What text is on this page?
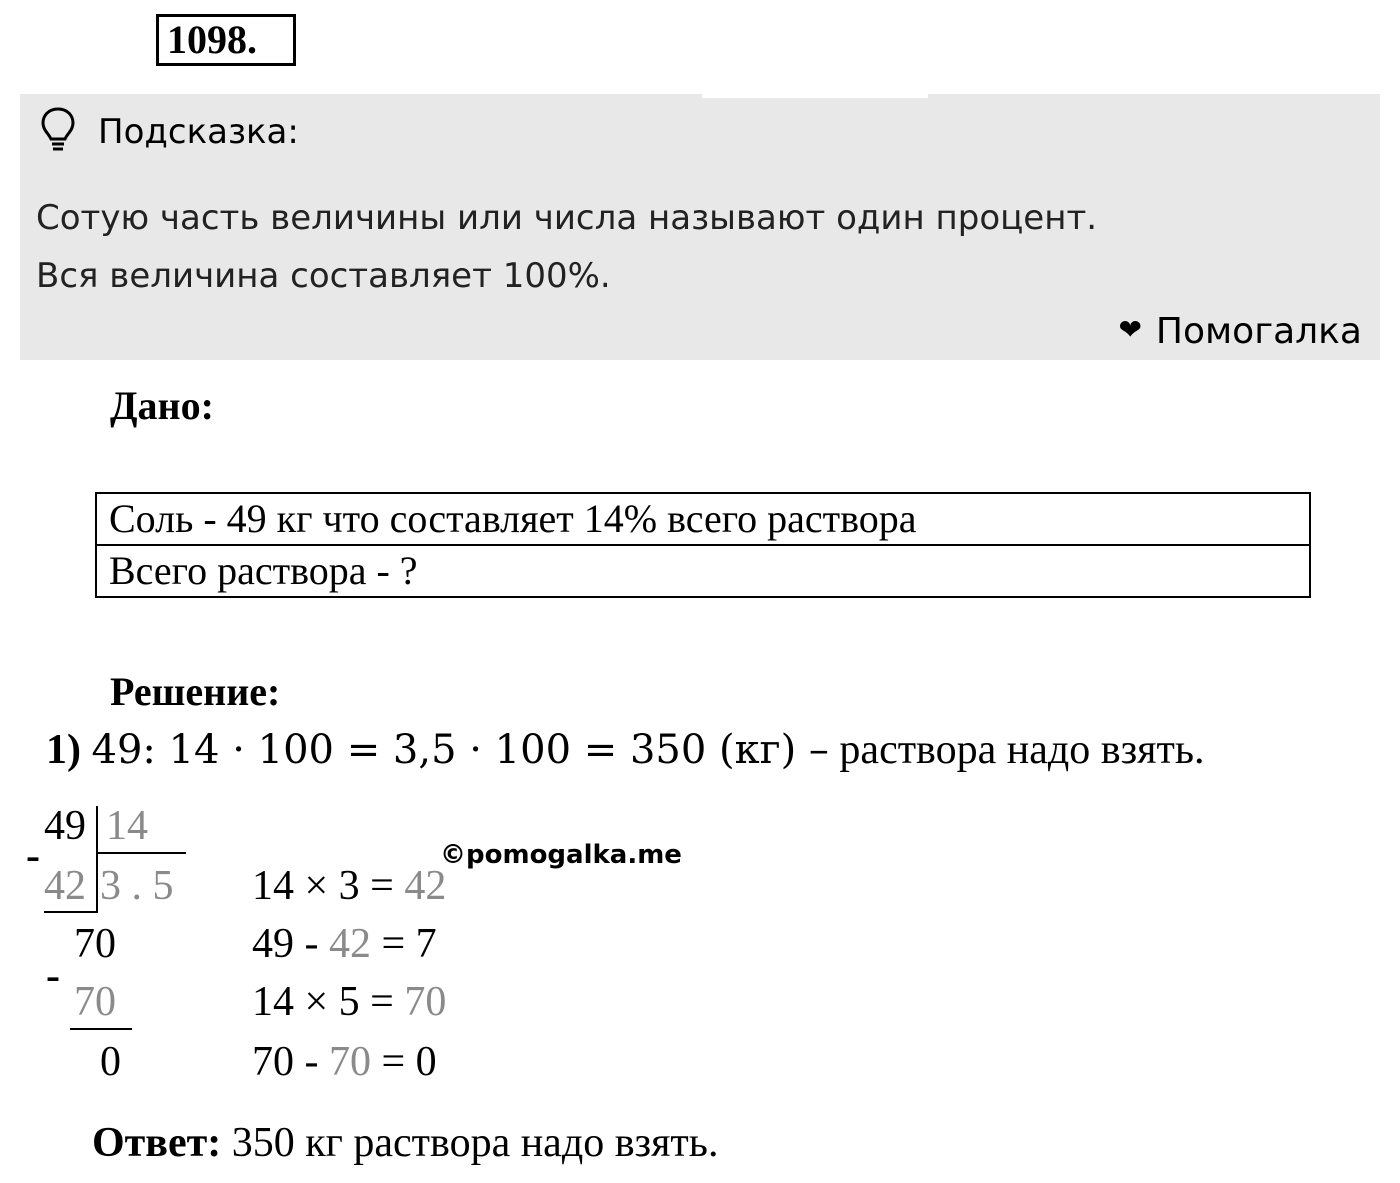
1098.
Подсказка:
Сотую часть величины или числа называют один процент.
Вся величина составляет 100%.
❤ Помогалка
Дано:
Соль - 49 кг что составляет 14% всего раствора
Всего раствора - ?
Решение:
1) 49: 14 · 100 = 3,5 · 100 = 350 (кг) – раствора надо взять.
49 14
-
42 3 . 5
70
-
70
0
©pomogalka.me
14 × 3 = 42
49 - 42 = 7
14 × 5 = 70
70 - 70 = 0
Ответ: 350 кг раствора надо взять.
